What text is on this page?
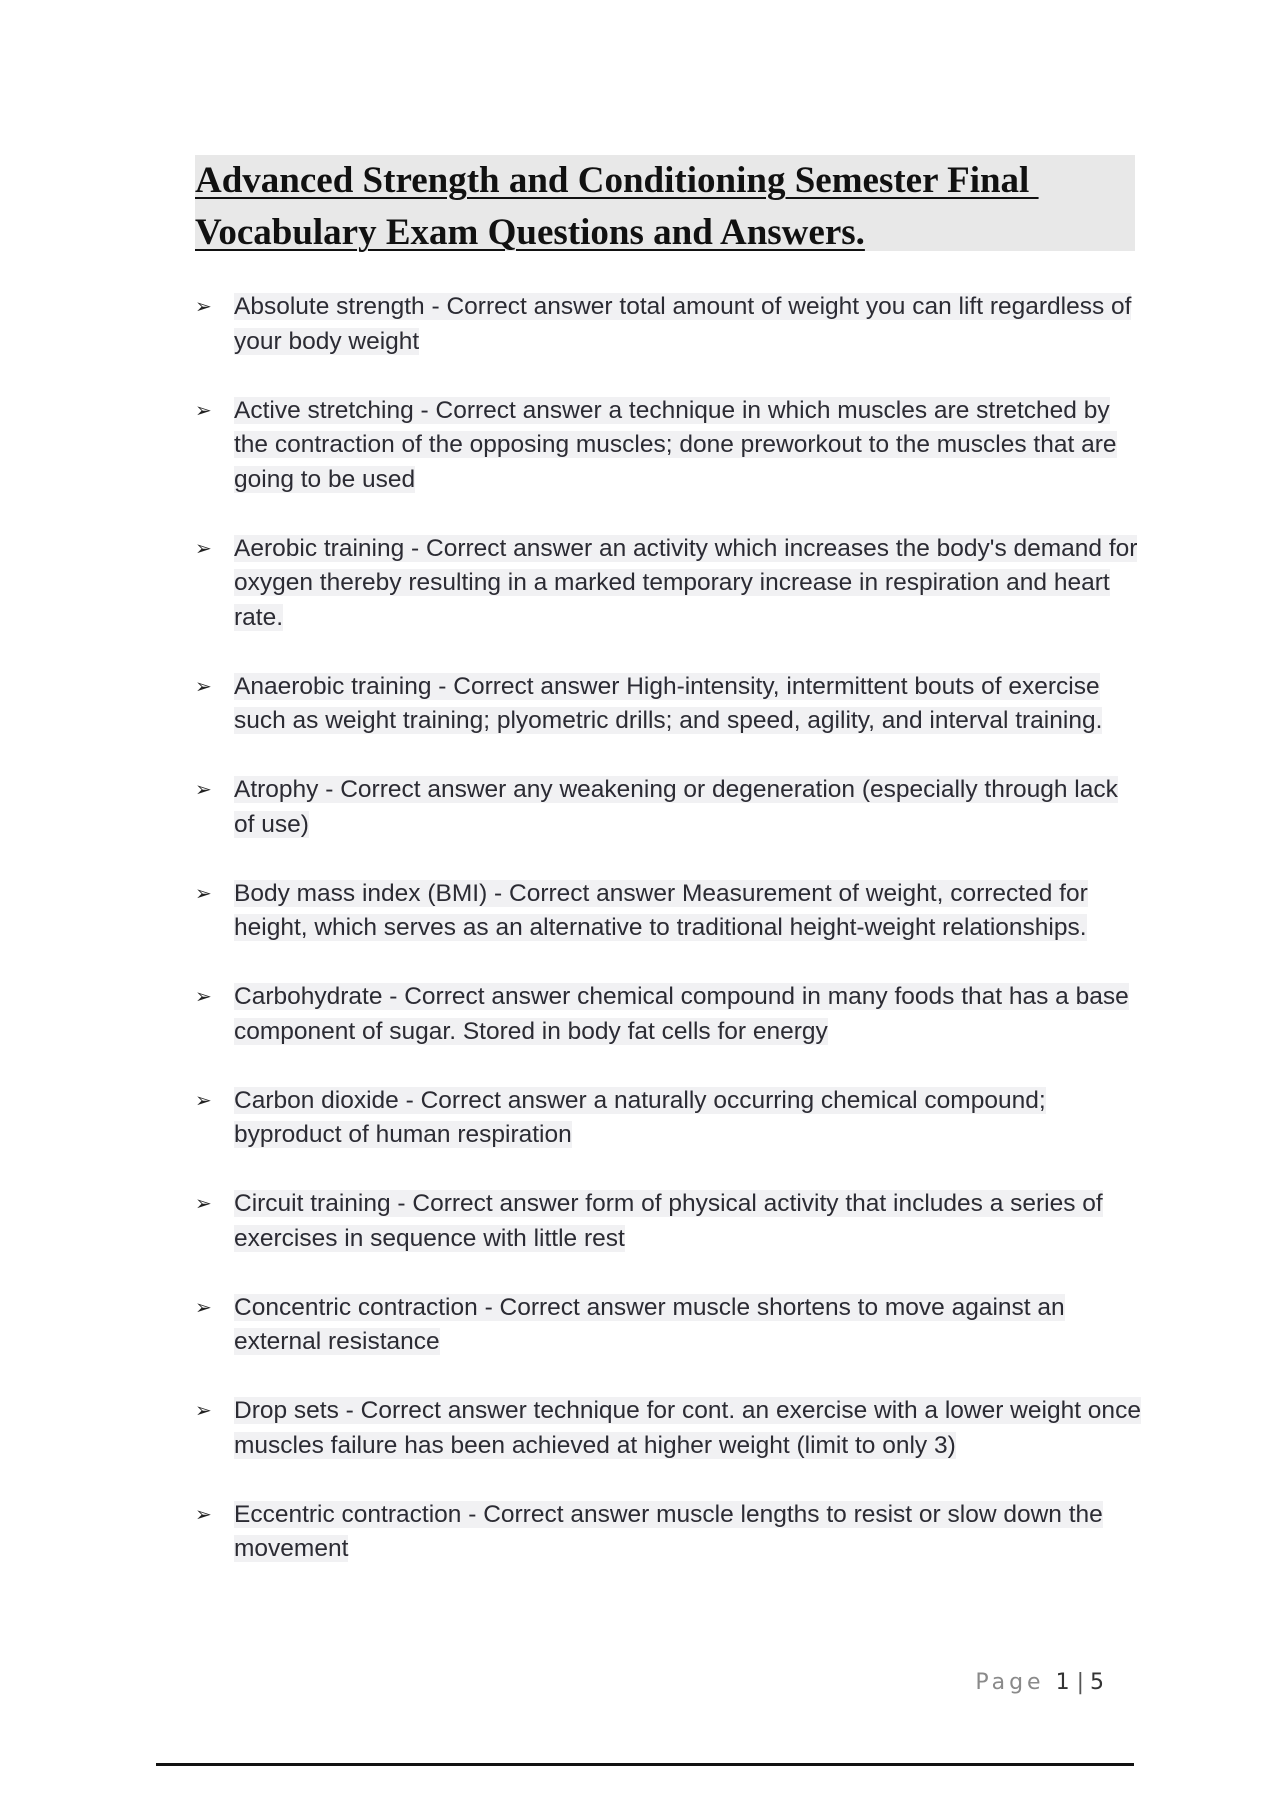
Advanced Strength and Conditioning Semester Final
Vocabulary Exam Questions and Answers.
➢ Absolute strength - Correct answer total amount of weight you can lift regardless of your body weight
➢ Active stretching - Correct answer a technique in which muscles are stretched by the contraction of the opposing muscles; done preworkout to the muscles that are going to be used
➢ Aerobic training - Correct answer an activity which increases the body's demand for oxygen thereby resulting in a marked temporary increase in respiration and heart rate.
➢ Anaerobic training - Correct answer High-intensity, intermittent bouts of exercise such as weight training; plyometric drills; and speed, agility, and interval training.
➢ Atrophy - Correct answer any weakening or degeneration (especially through lack of use)
➢ Body mass index (BMI) - Correct answer Measurement of weight, corrected for height, which serves as an alternative to traditional height-weight relationships.
➢ Carbohydrate - Correct answer chemical compound in many foods that has a base component of sugar. Stored in body fat cells for energy
➢ Carbon dioxide - Correct answer a naturally occurring chemical compound; byproduct of human respiration
➢ Circuit training - Correct answer form of physical activity that includes a series of exercises in sequence with little rest
➢ Concentric contraction - Correct answer muscle shortens to move against an external resistance
➢ Drop sets - Correct answer technique for cont. an exercise with a lower weight once muscles failure has been achieved at higher weight (limit to only 3)
➢ Eccentric contraction - Correct answer muscle lengths to resist or slow down the movement
Page 1 | 5
